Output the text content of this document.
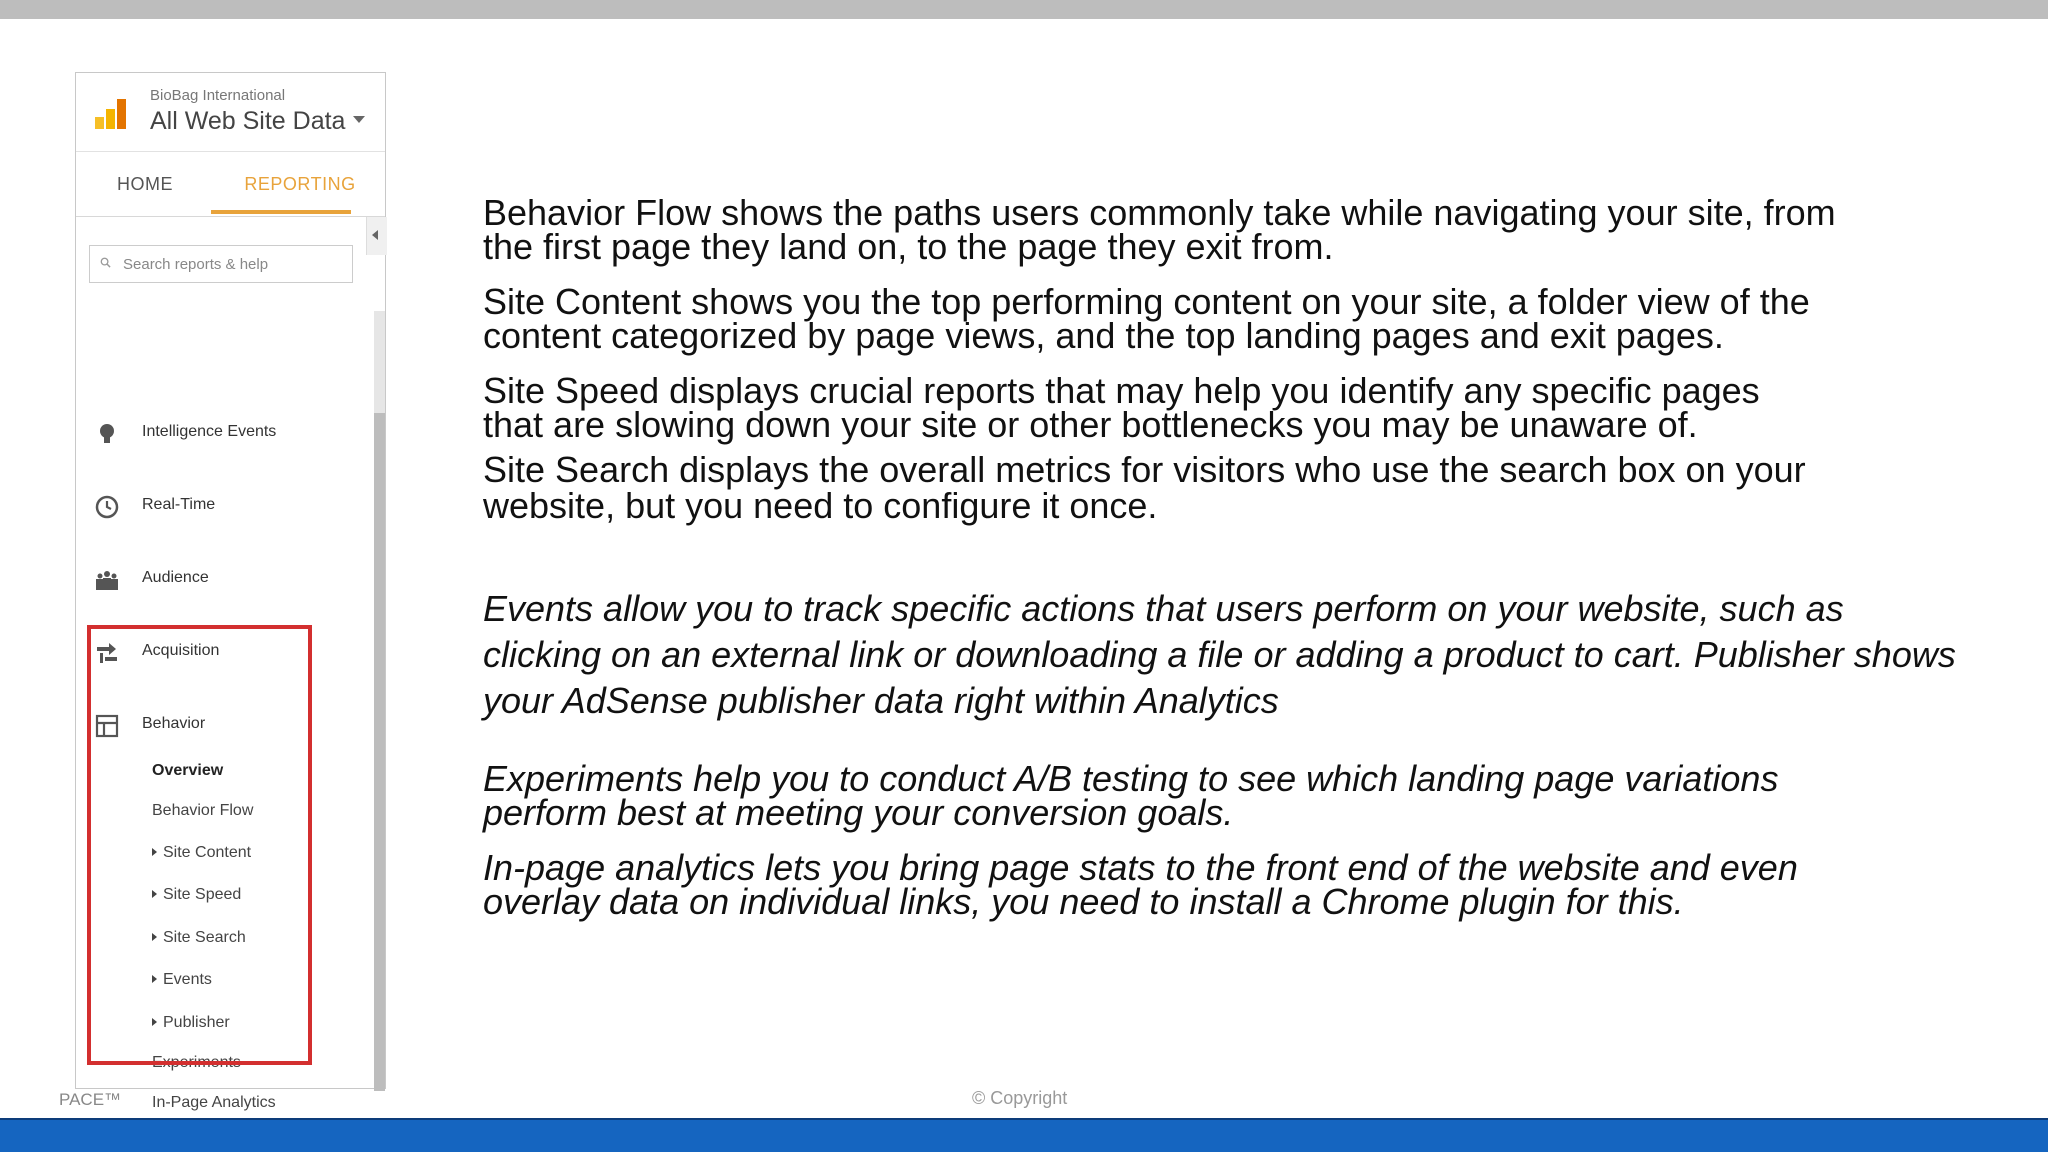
BioBag International
All Web Site Data
HOME	REPORTING
Search reports & help
Intelligence Events
Real-Time
Audience
Acquisition
Behavior
Overview
Behavior Flow
Site Content
Site Speed
Site Search
Events
Publisher
Experiments
In-Page Analytics
Behavior Flow shows the paths users commonly take while navigating your site, from
the first page they land on, to the page they exit from.
Site Content shows you the top performing content on your site, a folder view of the
content categorized by page views, and the top landing pages and exit pages.
Site Speed displays crucial reports that may help you identify any specific pages
that are slowing down your site or other bottlenecks you may be unaware of.
Site Search displays the overall metrics for visitors who use the search box on your
website, but you need to configure it once.
Events allow you to track specific actions that users perform on your website, such as
clicking on an external link or downloading a file or adding a product to cart. Publisher shows
your AdSense publisher data right within Analytics
Experiments help you to conduct A/B testing to see which landing page variations
perform best at meeting your conversion goals.
In-page analytics lets you bring page stats to the front end of the website and even
overlay data on individual links, you need to install a Chrome plugin for this.
PACE™	© Copyright
